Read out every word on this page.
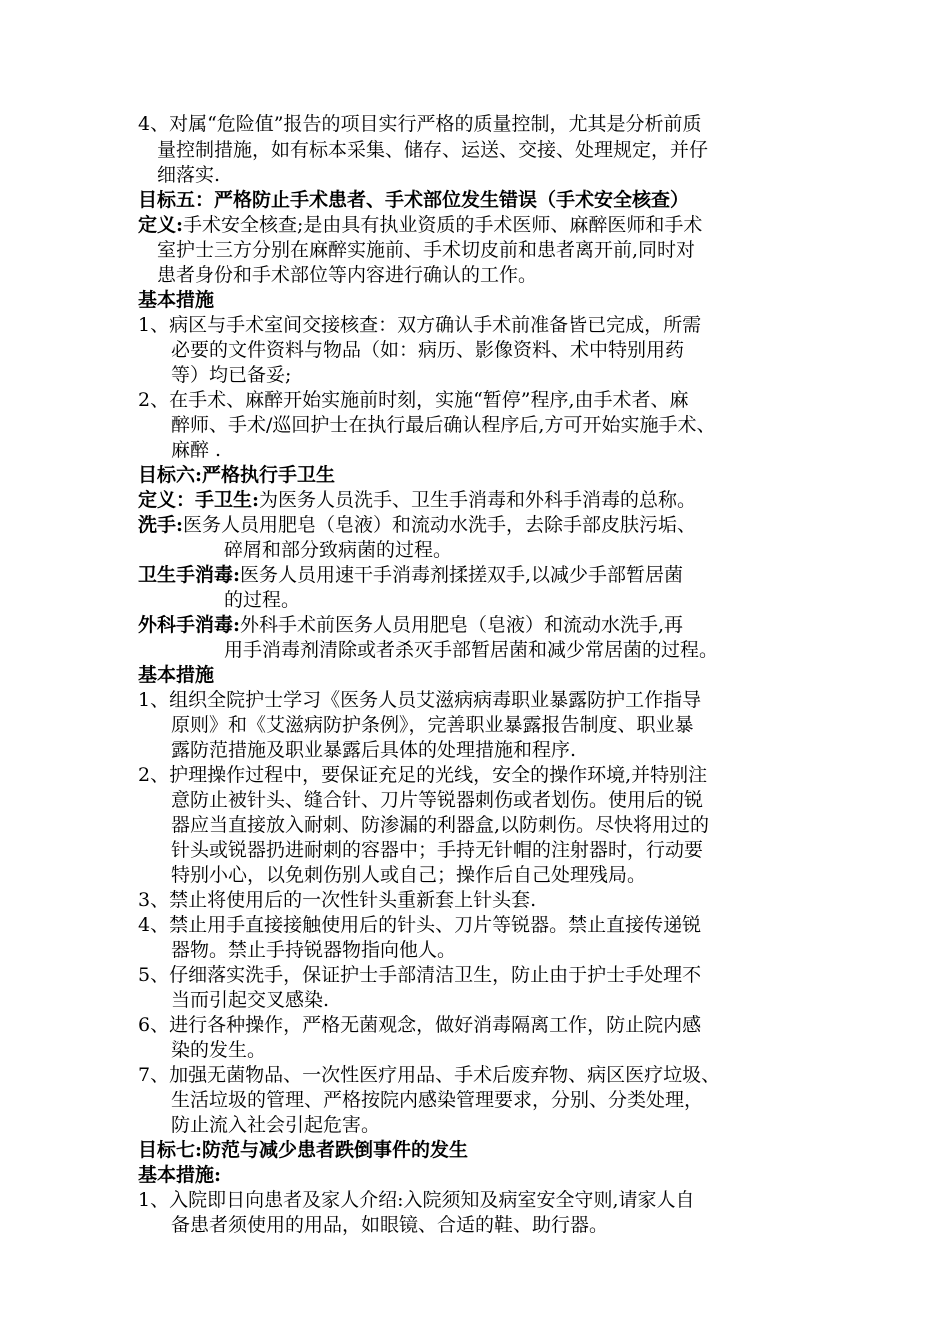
4、对属“危险值”报告的项目实行严格的质量控制，尤其是分析前质
量控制措施，如有标本采集、储存、运送、交接、处理规定，并仔
细落实.
目标五：严格防止手术患者、手术部位发生错误（手术安全核查）
定义:手术安全核查;是由具有执业资质的手术医师、麻醉医师和手术
室护士三方分别在麻醉实施前、手术切皮前和患者离开前,同时对
患者身份和手术部位等内容进行确认的工作。
基本措施
1、病区与手术室间交接核查：双方确认手术前准备皆已完成，所需
必要的文件资料与物品（如：病历、影像资料、术中特别用药
等）均已备妥;
2、在手术、麻醉开始实施前时刻，实施“暂停”程序,由手术者、麻
醉师、手术/巡回护士在执行最后确认程序后,方可开始实施手术、
麻醉 .
目标六:严格执行手卫生
定义：手卫生:为医务人员洗手、卫生手消毒和外科手消毒的总称。
洗手:医务人员用肥皂（皂液）和流动水洗手，去除手部皮肤污垢、
碎屑和部分致病菌的过程。
卫生手消毒:医务人员用速干手消毒剂揉搓双手,以减少手部暂居菌
的过程。
外科手消毒:外科手术前医务人员用肥皂（皂液）和流动水洗手,再
用手消毒剂清除或者杀灭手部暂居菌和减少常居菌的过程。
基本措施
1、组织全院护士学习《医务人员艾滋病病毒职业暴露防护工作指导
原则》和《艾滋病防护条例》，完善职业暴露报告制度、职业暴
露防范措施及职业暴露后具体的处理措施和程序.
2、护理操作过程中，要保证充足的光线，安全的操作环境,并特别注
意防止被针头、缝合针、刀片等锐器刺伤或者划伤。使用后的锐
器应当直接放入耐刺、防渗漏的利器盒,以防刺伤。尽快将用过的
针头或锐器扔进耐刺的容器中；手持无针帽的注射器时，行动要
特别小心，以免刺伤别人或自己；操作后自己处理残局。
3、禁止将使用后的一次性针头重新套上针头套.
4、禁止用手直接接触使用后的针头、刀片等锐器。禁止直接传递锐
器物。禁止手持锐器物指向他人。
5、仔细落实洗手，保证护士手部清洁卫生，防止由于护士手处理不
当而引起交叉感染.
6、进行各种操作，严格无菌观念，做好消毒隔离工作，防止院内感
染的发生。
7、加强无菌物品、一次性医疗用品、手术后废弃物、病区医疗垃圾、
生活垃圾的管理、严格按院内感染管理要求，分别、分类处理，
防止流入社会引起危害。
目标七:防范与减少患者跌倒事件的发生
基本措施:
1、入院即日向患者及家人介绍:入院须知及病室安全守则,请家人自
备患者须使用的用品，如眼镜、合适的鞋、助行器。
